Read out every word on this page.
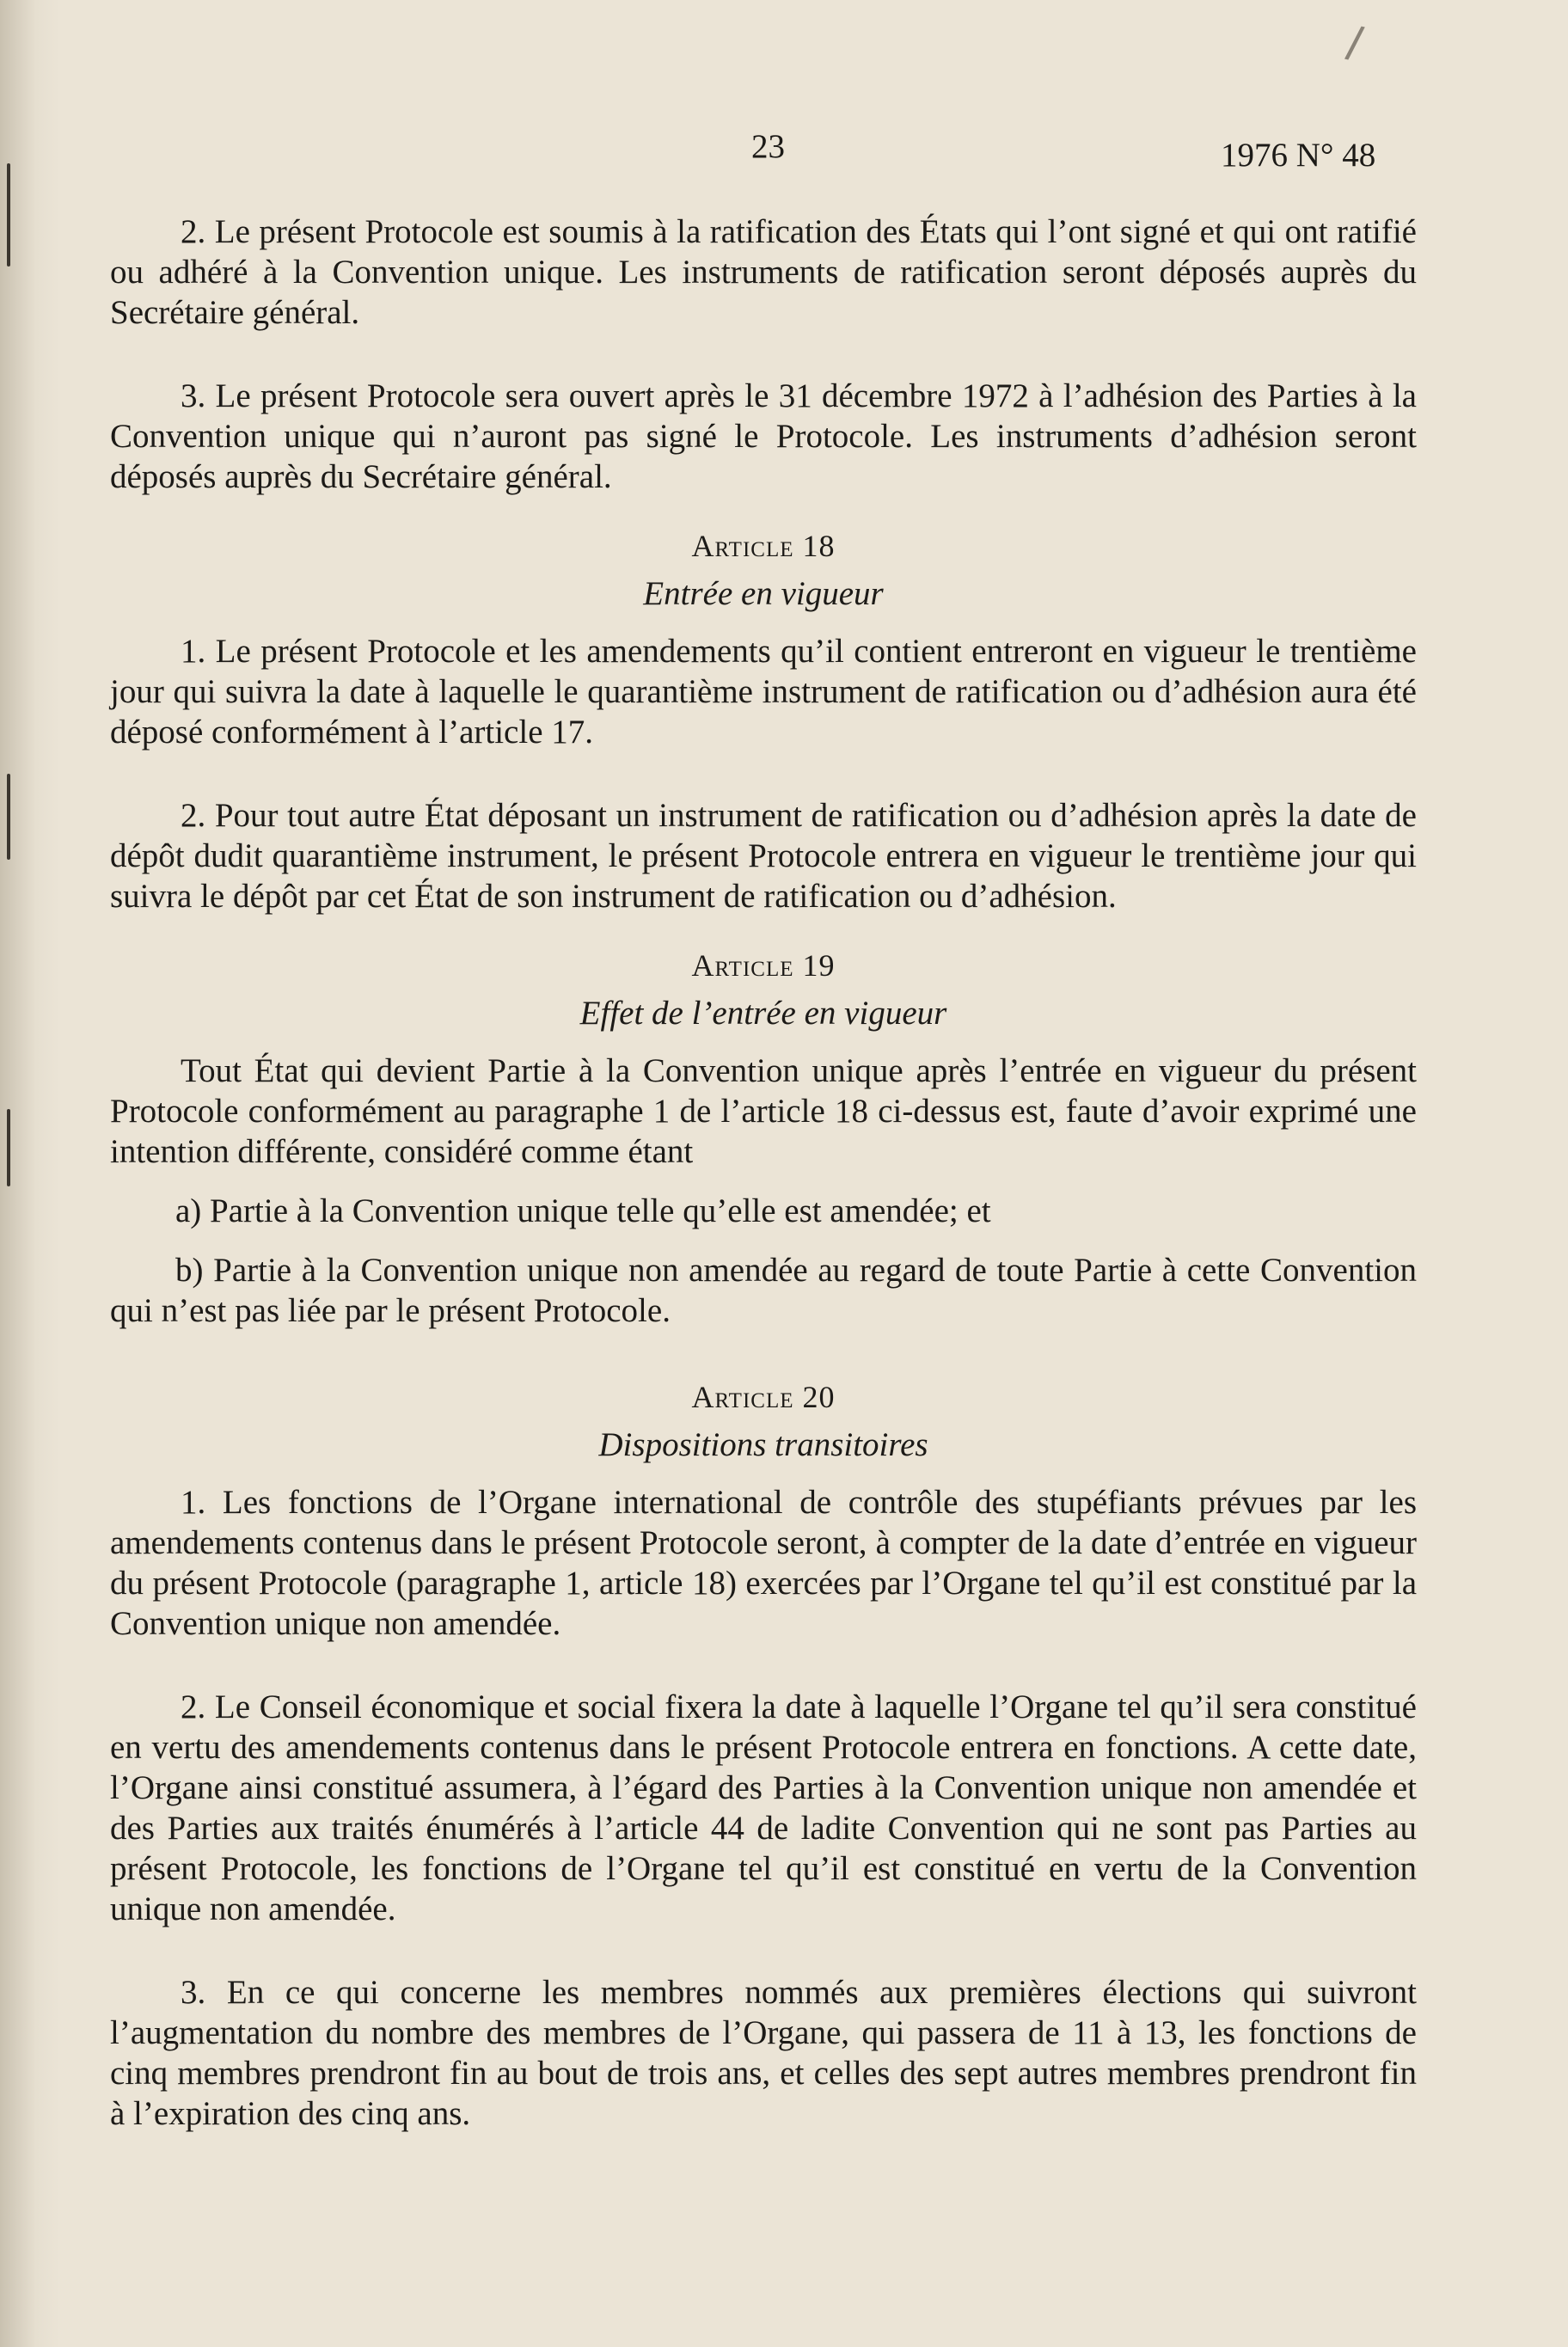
/
23	1976 N° 48

2. Le présent Protocole est soumis à la ratification des États qui l’ont signé et qui ont ratifié ou adhéré à la Convention unique. Les instruments de ratification seront déposés auprès du Secrétaire général.

3. Le présent Protocole sera ouvert après le 31 décembre 1972 à l’adhésion des Parties à la Convention unique qui n’auront pas signé le Protocole. Les instruments d’adhésion seront déposés auprès du Secrétaire général.

Article 18
Entrée en vigueur

1. Le présent Protocole et les amendements qu’il contient entreront en vigueur le trentième jour qui suivra la date à laquelle le quarantième instrument de ratification ou d’adhésion aura été déposé conformément à l’article 17.

2. Pour tout autre État déposant un instrument de ratification ou d’adhésion après la date de dépôt dudit quarantième instrument, le présent Protocole entrera en vigueur le trentième jour qui suivra le dépôt par cet État de son instrument de ratification ou d’adhésion.

Article 19
Effet de l’entrée en vigueur

Tout État qui devient Partie à la Convention unique après l’entrée en vigueur du présent Protocole conformément au paragraphe 1 de l’article 18 ci-dessus est, faute d’avoir exprimé une intention différente, considéré comme étant

a) Partie à la Convention unique telle qu’elle est amendée; et

b) Partie à la Convention unique non amendée au regard de toute Partie à cette Convention qui n’est pas liée par le présent Protocole.

Article 20
Dispositions transitoires

1. Les fonctions de l’Organe international de contrôle des stupéfiants prévues par les amendements contenus dans le présent Protocole seront, à compter de la date d’entrée en vigueur du présent Protocole (paragraphe 1, article 18) exercées par l’Organe tel qu’il est constitué par la Convention unique non amendée.

2. Le Conseil économique et social fixera la date à laquelle l’Organe tel qu’il sera constitué en vertu des amendements contenus dans le présent Protocole entrera en fonctions. A cette date, l’Organe ainsi constitué assumera, à l’égard des Parties à la Convention unique non amendée et des Parties aux traités énumérés à l’article 44 de ladite Convention qui ne sont pas Parties au présent Protocole, les fonctions de l’Organe tel qu’il est constitué en vertu de la Convention unique non amendée.

3. En ce qui concerne les membres nommés aux premières élections qui suivront l’augmentation du nombre des membres de l’Organe, qui passera de 11 à 13, les fonctions de cinq membres prendront fin au bout de trois ans, et celles des sept autres membres prendront fin à l’expiration des cinq ans.
